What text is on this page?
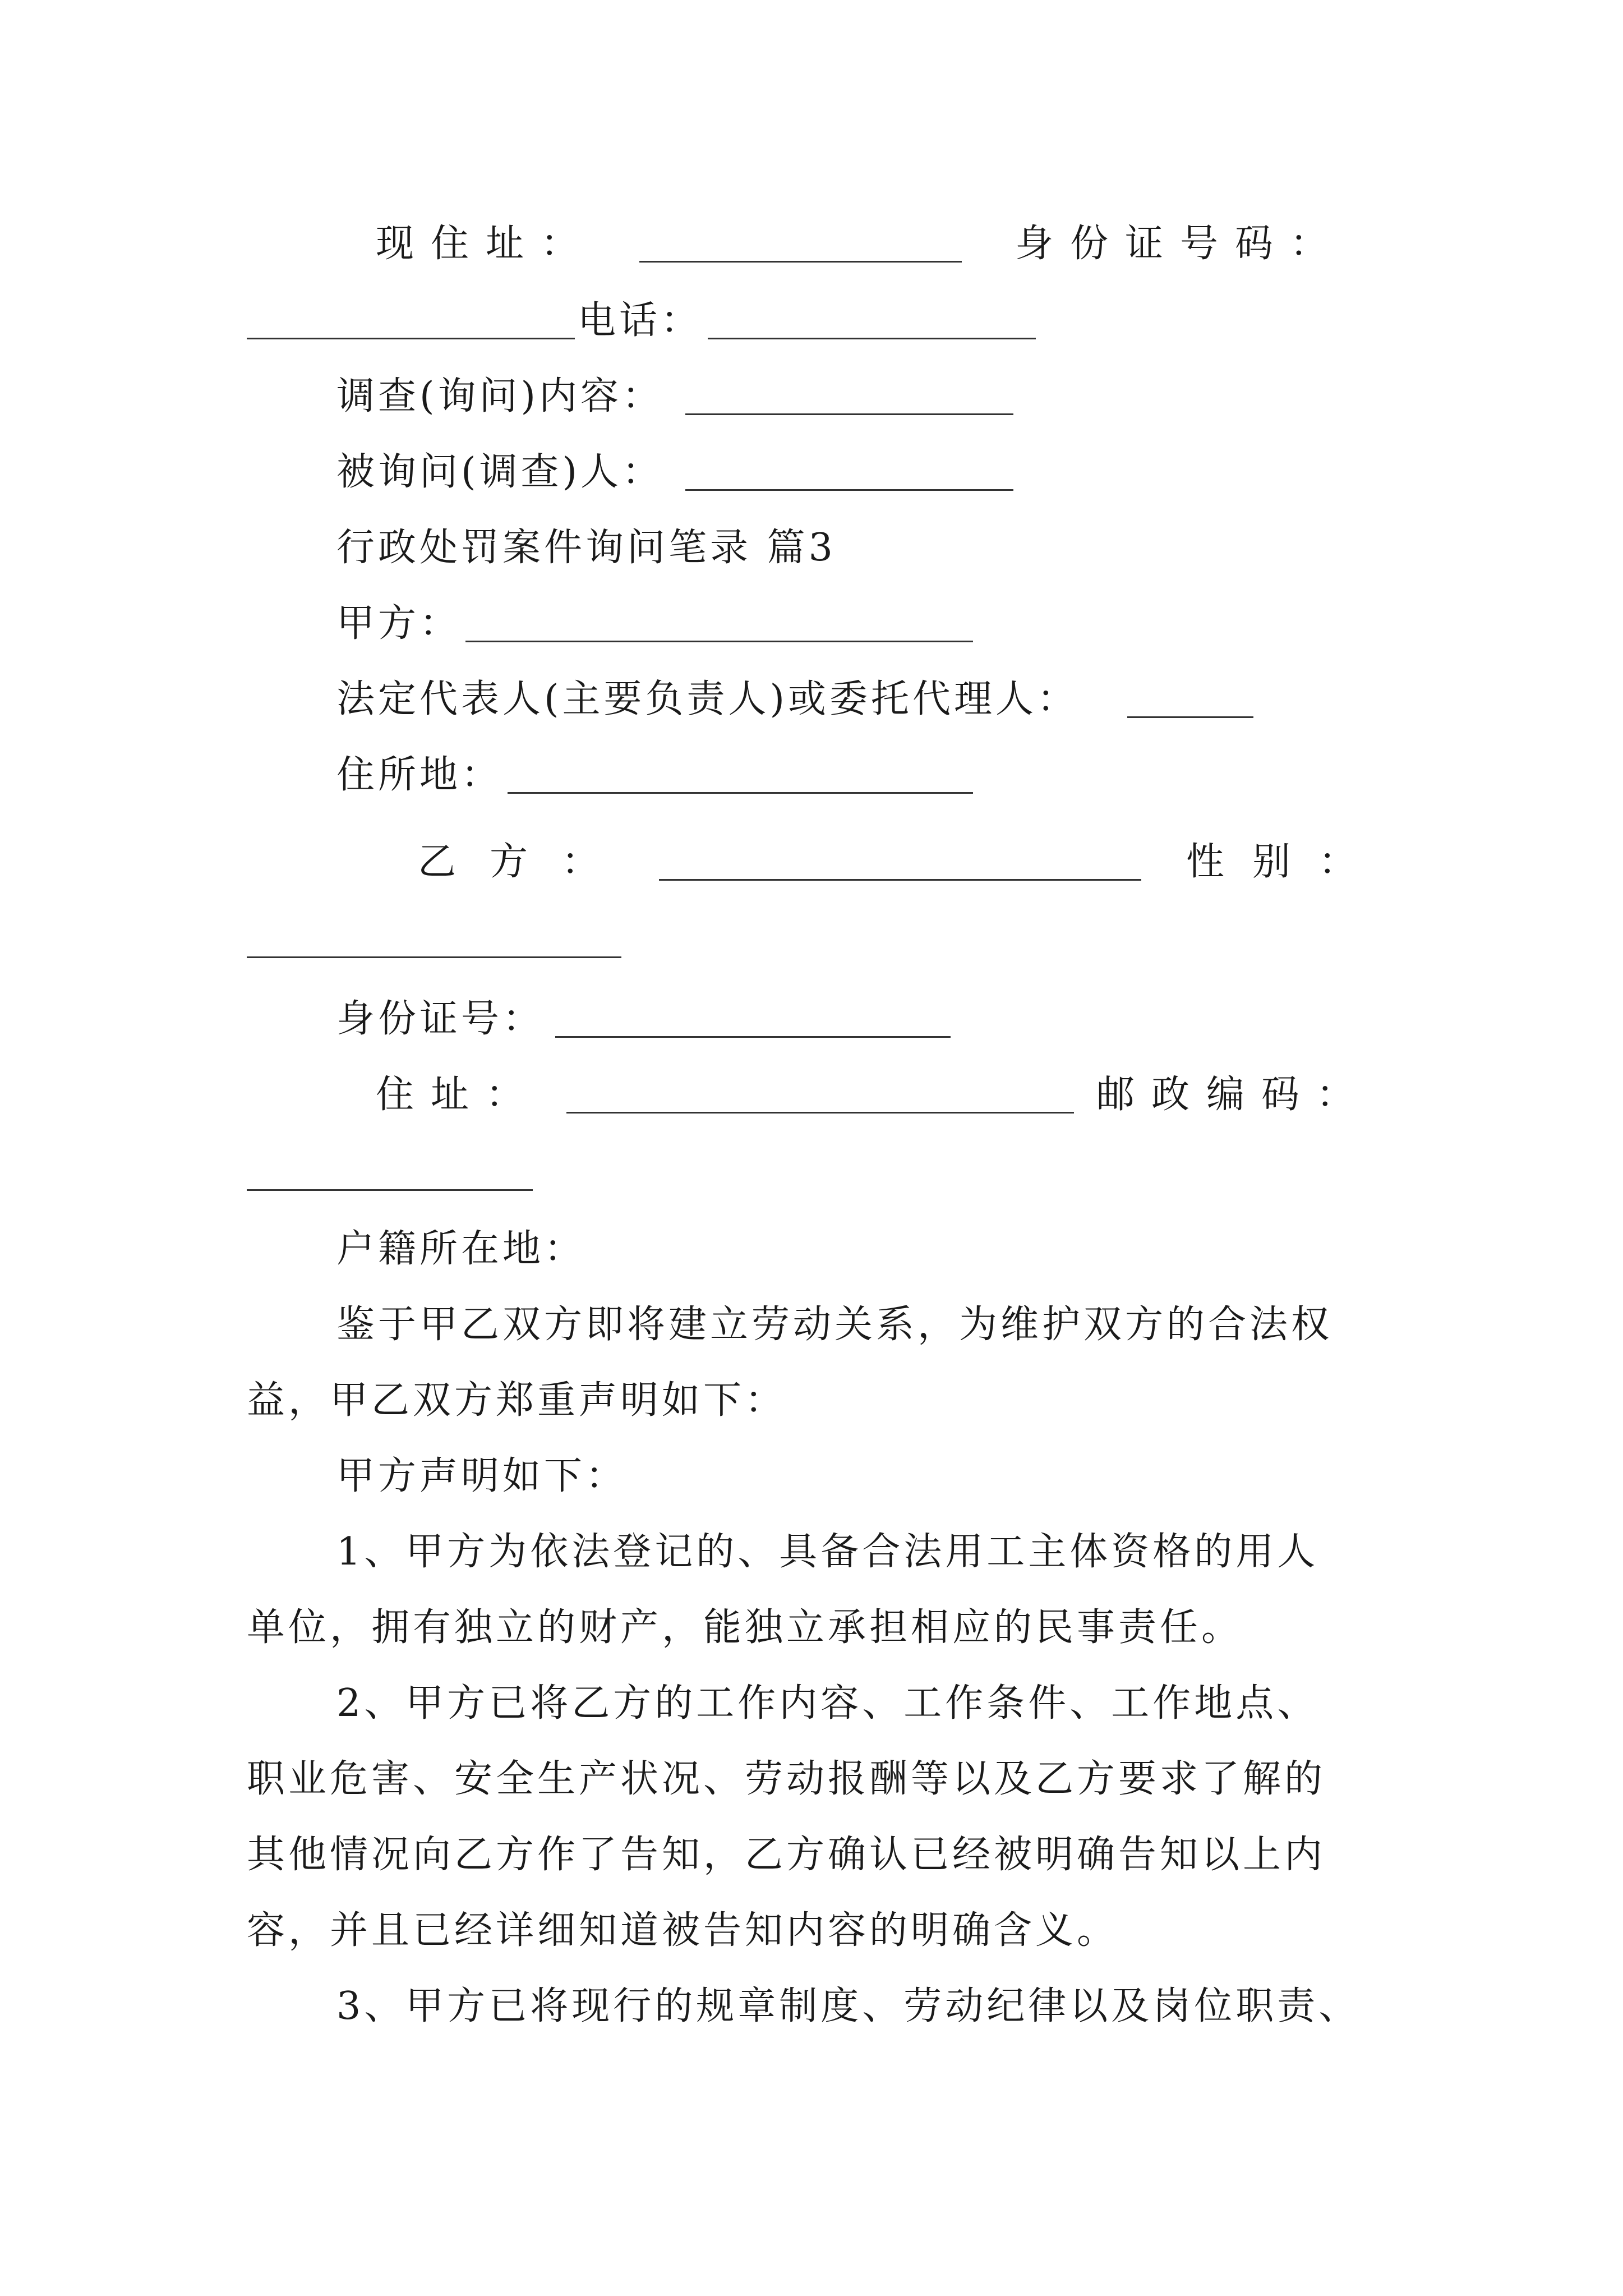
现住址：	身份证号码：
电话：
调查(询问)内容：
被询问(调查)人：
行政处罚案件询问笔录 篇3
甲方：
法定代表人(主要负责人)或委托代理人：
住所地：
乙方：	性别：
身份证号：
住址：	邮政编码：
户籍所在地：
鉴于甲乙双方即将建立劳动关系，为维护双方的合法权
益，甲乙双方郑重声明如下：
甲方声明如下：
1、甲方为依法登记的、具备合法用工主体资格的用人
单位，拥有独立的财产，能独立承担相应的民事责任。
2、甲方已将乙方的工作内容、工作条件、工作地点、
职业危害、安全生产状况、劳动报酬等以及乙方要求了解的
其他情况向乙方作了告知，乙方确认已经被明确告知以上内
容，并且已经详细知道被告知内容的明确含义。
3、甲方已将现行的规章制度、劳动纪律以及岗位职责、
